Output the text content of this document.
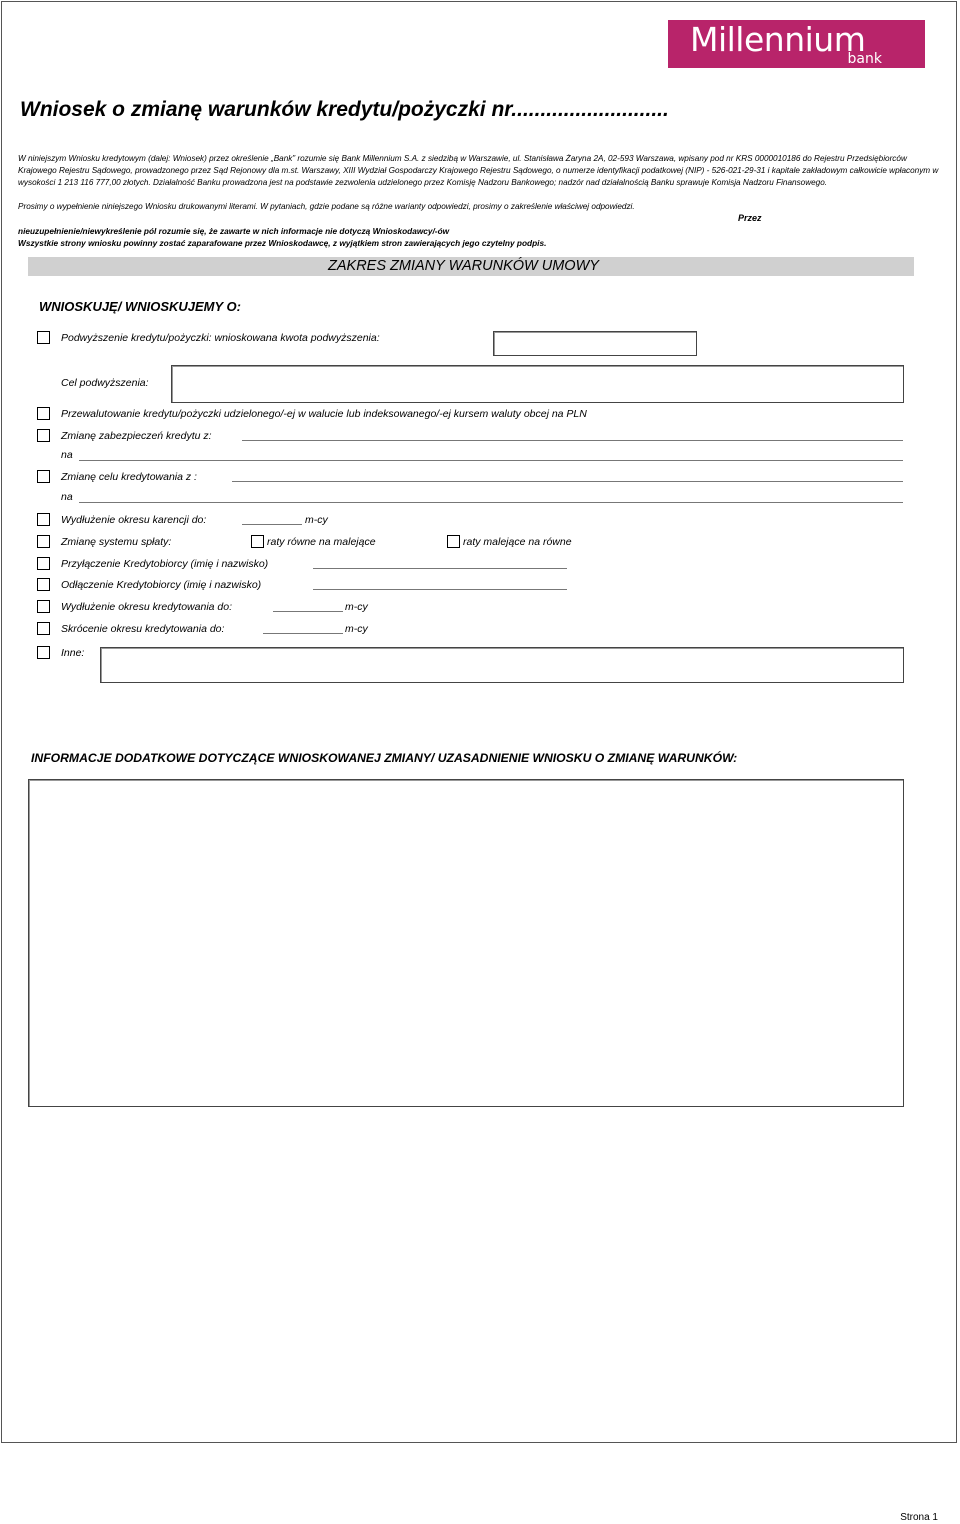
Millennium
bank
Wniosek o zmianę warunków kredytu/pożyczki nr...........................
W niniejszym Wniosku kredytowym (dalej: Wniosek) przez określenie „Bank” rozumie się Bank Millennium S.A. z siedzibą w Warszawie, ul. Stanisława Żaryna 2A, 02-593 Warszawa, wpisany pod nr KRS 0000010186 do Rejestru Przedsiębiorców Krajowego Rejestru Sądowego, prowadzonego przez Sąd Rejonowy dla m.st. Warszawy, XIII Wydział Gospodarczy Krajowego Rejestru Sądowego, o numerze identyfikacji podatkowej (NIP) - 526-021-29-31 i kapitale zakładowym całkowicie wpłaconym w wysokości 1 213 116 777,00 złotych. Działalność Banku prowadzona jest na podstawie zezwolenia udzielonego przez Komisję Nadzoru Bankowego; nadzór nad działalnością Banku sprawuje Komisja Nadzoru Finansowego.
Prosimy o wypełnienie niniejszego Wniosku drukowanymi literami. W pytaniach, gdzie podane są różne warianty odpowiedzi, prosimy o zakreślenie właściwej odpowiedzi.
Przez
nieuzupełnienie/niewykreślenie pól rozumie się, że zawarte w nich informacje nie dotyczą Wnioskodawcy/-ów
Wszystkie strony wniosku powinny zostać zaparafowane przez Wnioskodawcę, z wyjątkiem stron zawierających jego czytelny podpis.
ZAKRES ZMIANY WARUNKÓW UMOWY
WNIOSKUJĘ/ WNIOSKUJEMY O:
Podwyższenie kredytu/pożyczki: wnioskowana kwota podwyższenia:
Cel podwyższenia:
Przewalutowanie kredytu/pożyczki udzielonego/-ej w walucie lub indeksowanego/-ej kursem waluty obcej na PLN
Zmianę zabezpieczeń kredytu z:
na
Zmianę celu kredytowania z :
na
Wydłużenie okresu karencji do:	m-cy
Zmianę systemu spłaty:	raty równe na malejące	raty malejące na równe
Przyłączenie Kredytobiorcy (imię i nazwisko)
Odłączenie Kredytobiorcy (imię i nazwisko)
Wydłużenie okresu kredytowania do:	m-cy
Skrócenie okresu kredytowania do:	m-cy
Inne:
INFORMACJE DODATKOWE DOTYCZĄCE WNIOSKOWANEJ ZMIANY/ UZASADNIENIE WNIOSKU O ZMIANĘ WARUNKÓW:
Strona 1
